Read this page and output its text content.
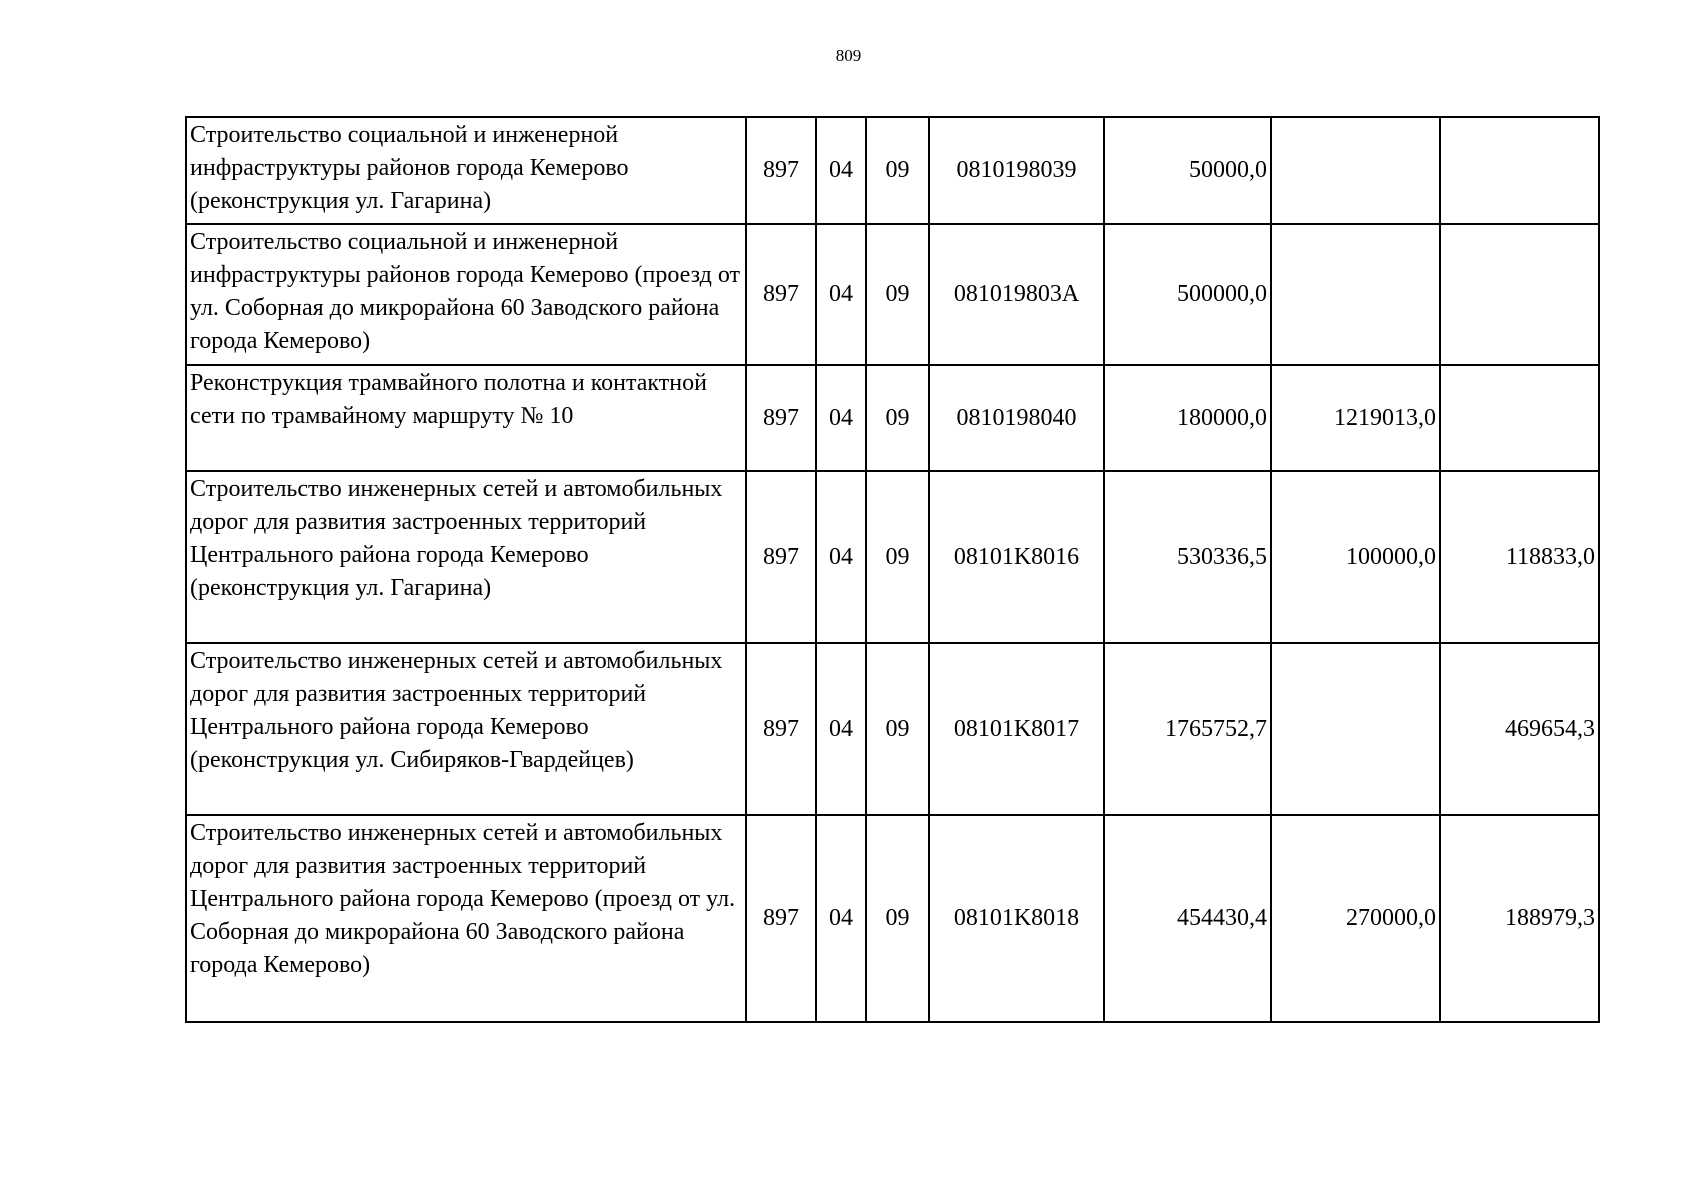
809
Строительство социальной и инженерной инфраструктуры районов города Кемерово (реконструкция ул. Гагарина)	897	04	09	0810198039	50000,0		
Строительство социальной и инженерной инфраструктуры районов города Кемерово (проезд от ул. Соборная до микрорайона 60 Заводского района города Кемерово)	897	04	09	081019803А	500000,0		
Реконструкция трамвайного полотна и контактной сети по трамвайному маршруту № 10	897	04	09	0810198040	180000,0	1219013,0	
Строительство инженерных сетей и автомобильных дорог для развития застроенных территорий Центрального района города Кемерово (реконструкция ул. Гагарина)	897	04	09	08101K8016	530336,5	100000,0	118833,0
Строительство инженерных сетей и автомобильных дорог для развития застроенных территорий Центрального района города Кемерово (реконструкция ул. Сибиряков-Гвардейцев)	897	04	09	08101K8017	1765752,7		469654,3
Строительство инженерных сетей и автомобильных дорог для развития застроенных территорий Центрального района города Кемерово (проезд от ул. Соборная до микрорайона 60 Заводского района города Кемерово)	897	04	09	08101K8018	454430,4	270000,0	188979,3
